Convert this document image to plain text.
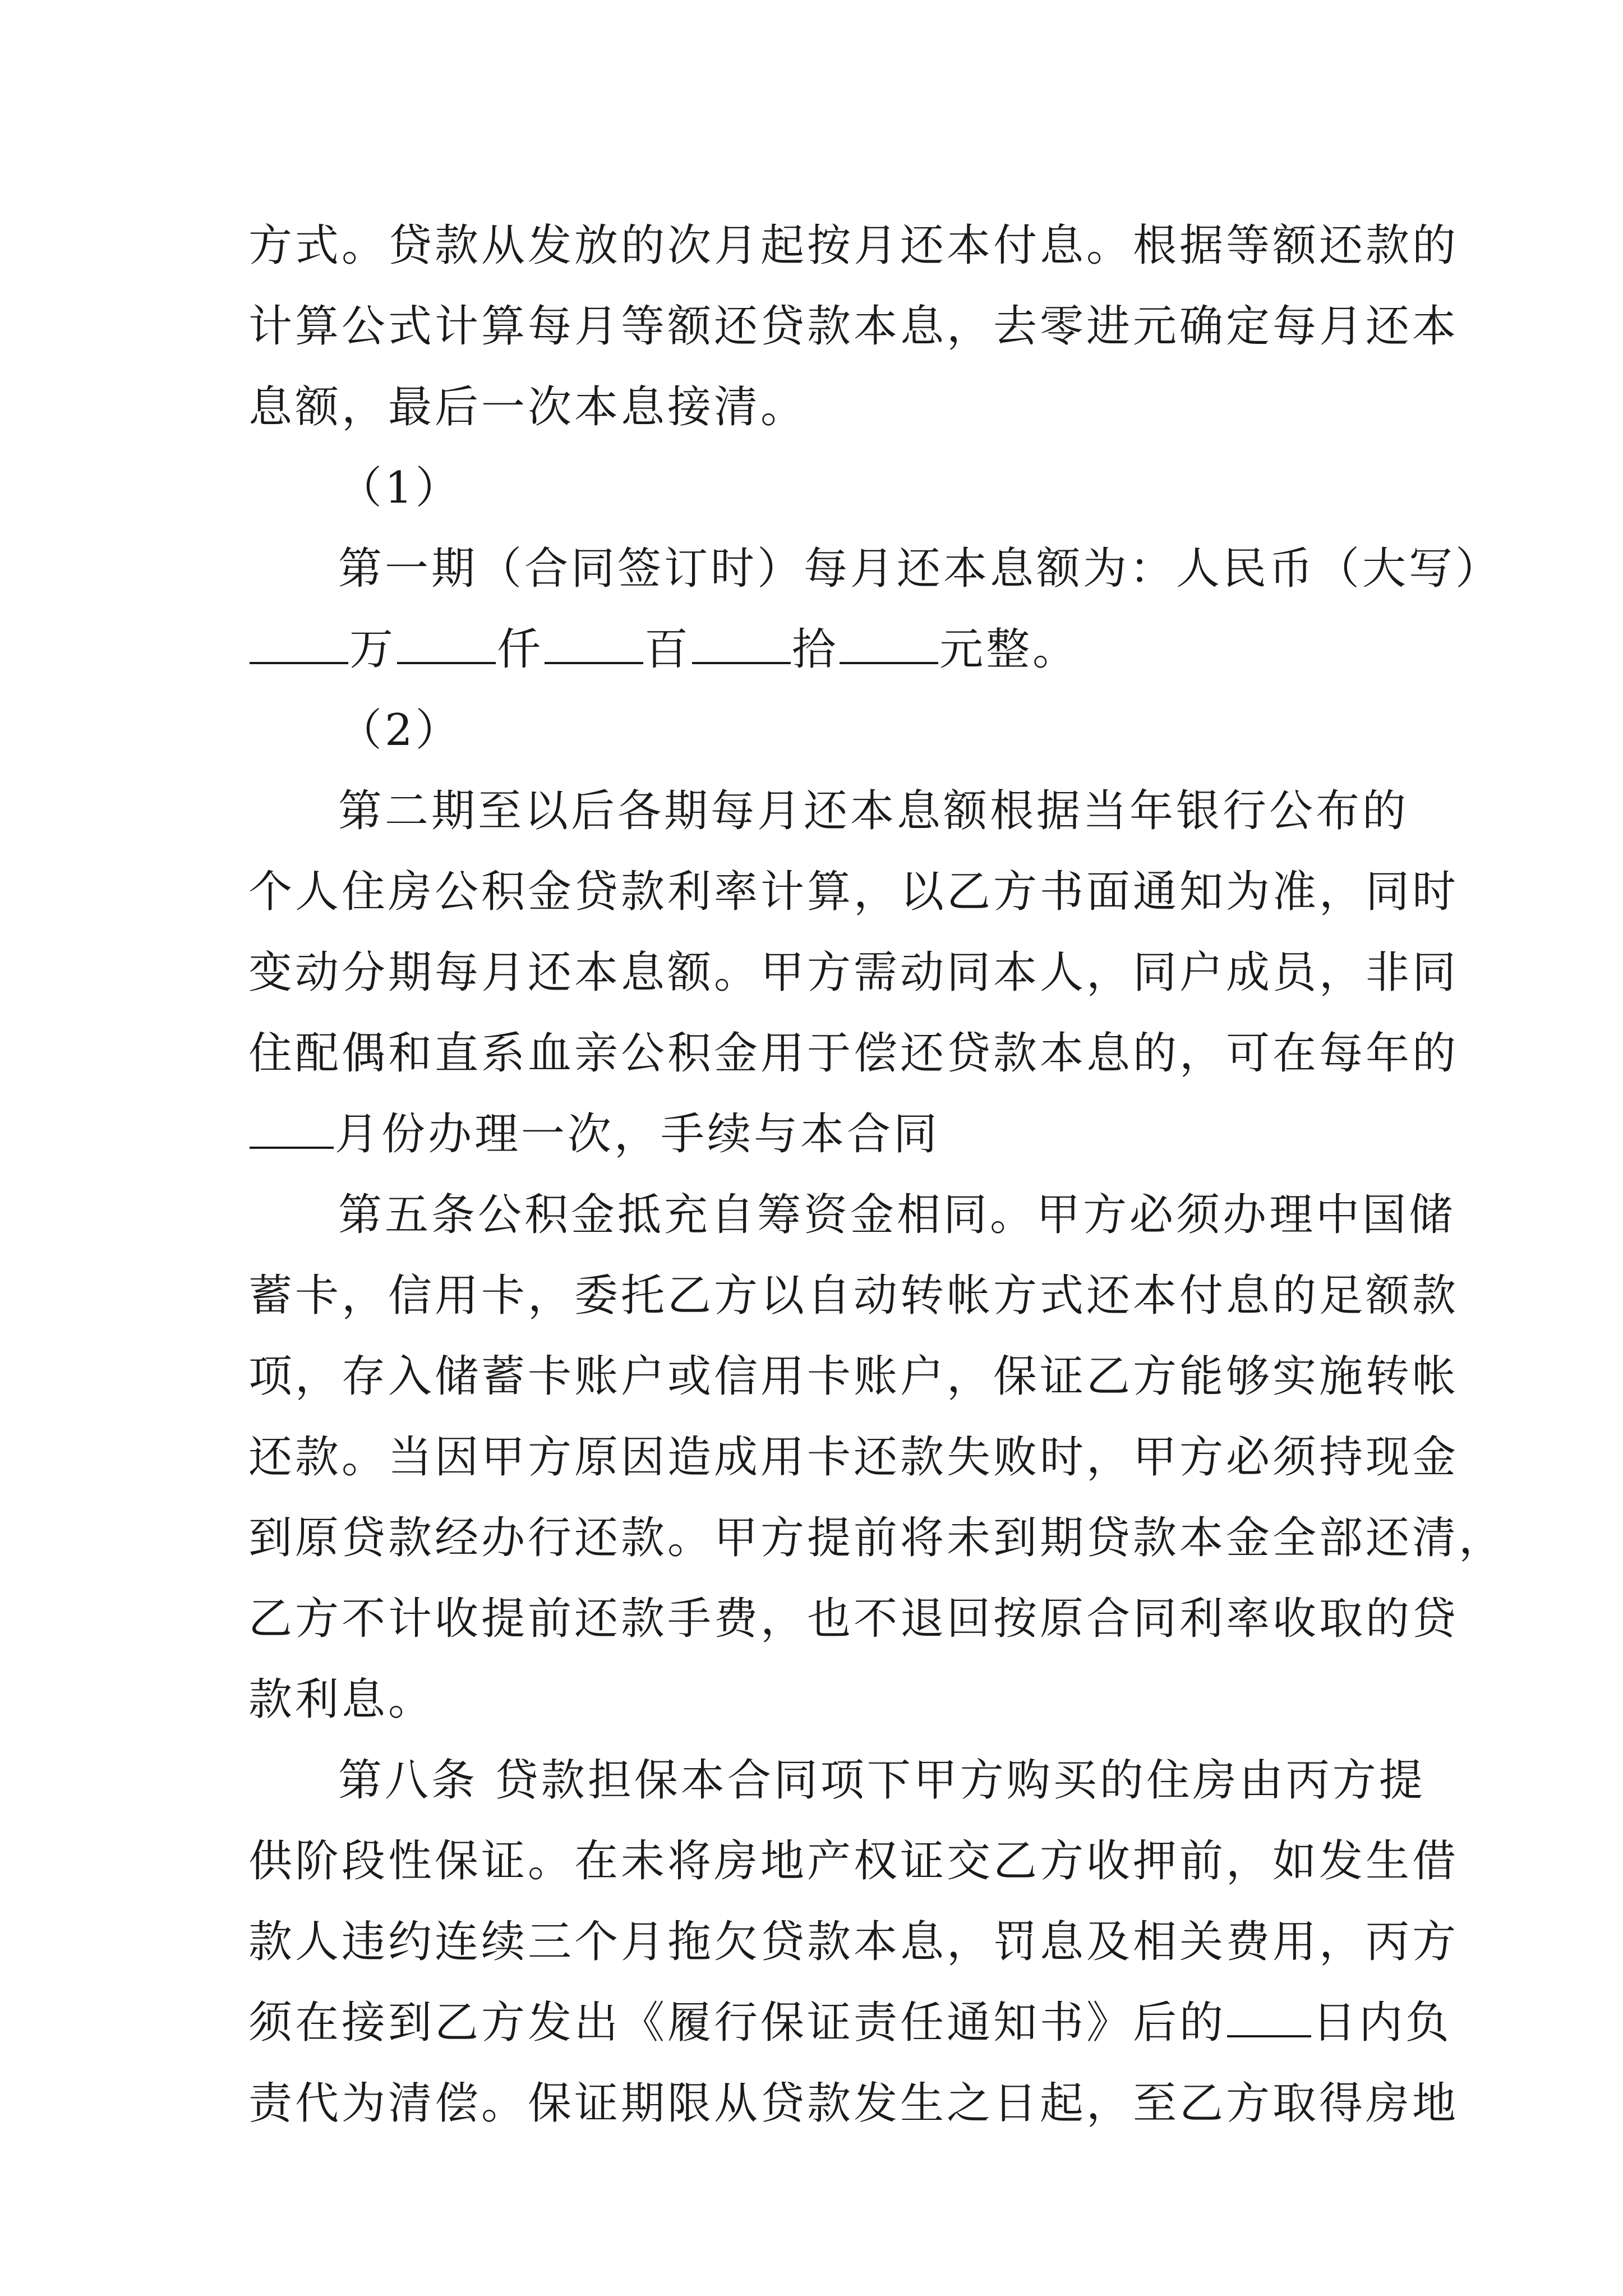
方式。贷款从发放的次月起按月还本付息。根据等额还款的
计算公式计算每月等额还贷款本息，去零进元确定每月还本
息额，最后一次本息接清。
（1）
第一期（合同签订时）每月还本息额为：人民币（大写）
万 仟 百 拾 元整。
（2）
第二期至以后各期每月还本息额根据当年银行公布的
个人住房公积金贷款利率计算，以乙方书面通知为准，同时
变动分期每月还本息额。甲方需动同本人，同户成员，非同
住配偶和直系血亲公积金用于偿还贷款本息的，可在每年的
月份办理一次，手续与本合同
第五条公积金抵充自筹资金相同。甲方必须办理中国储
蓄卡，信用卡，委托乙方以自动转帐方式还本付息的足额款
项，存入储蓄卡账户或信用卡账户，保证乙方能够实施转帐
还款。当因甲方原因造成用卡还款失败时，甲方必须持现金
到原贷款经办行还款。甲方提前将未到期贷款本金全部还清，
乙方不计收提前还款手费，也不退回按原合同利率收取的贷
款利息。
第八条 贷款担保本合同项下甲方购买的住房由丙方提
供阶段性保证。在未将房地产权证交乙方收押前，如发生借
款人违约连续三个月拖欠贷款本息，罚息及相关费用，丙方
须在接到乙方发出《履行保证责任通知书》后的 日内负
责代为清偿。保证期限从贷款发生之日起，至乙方取得房地
